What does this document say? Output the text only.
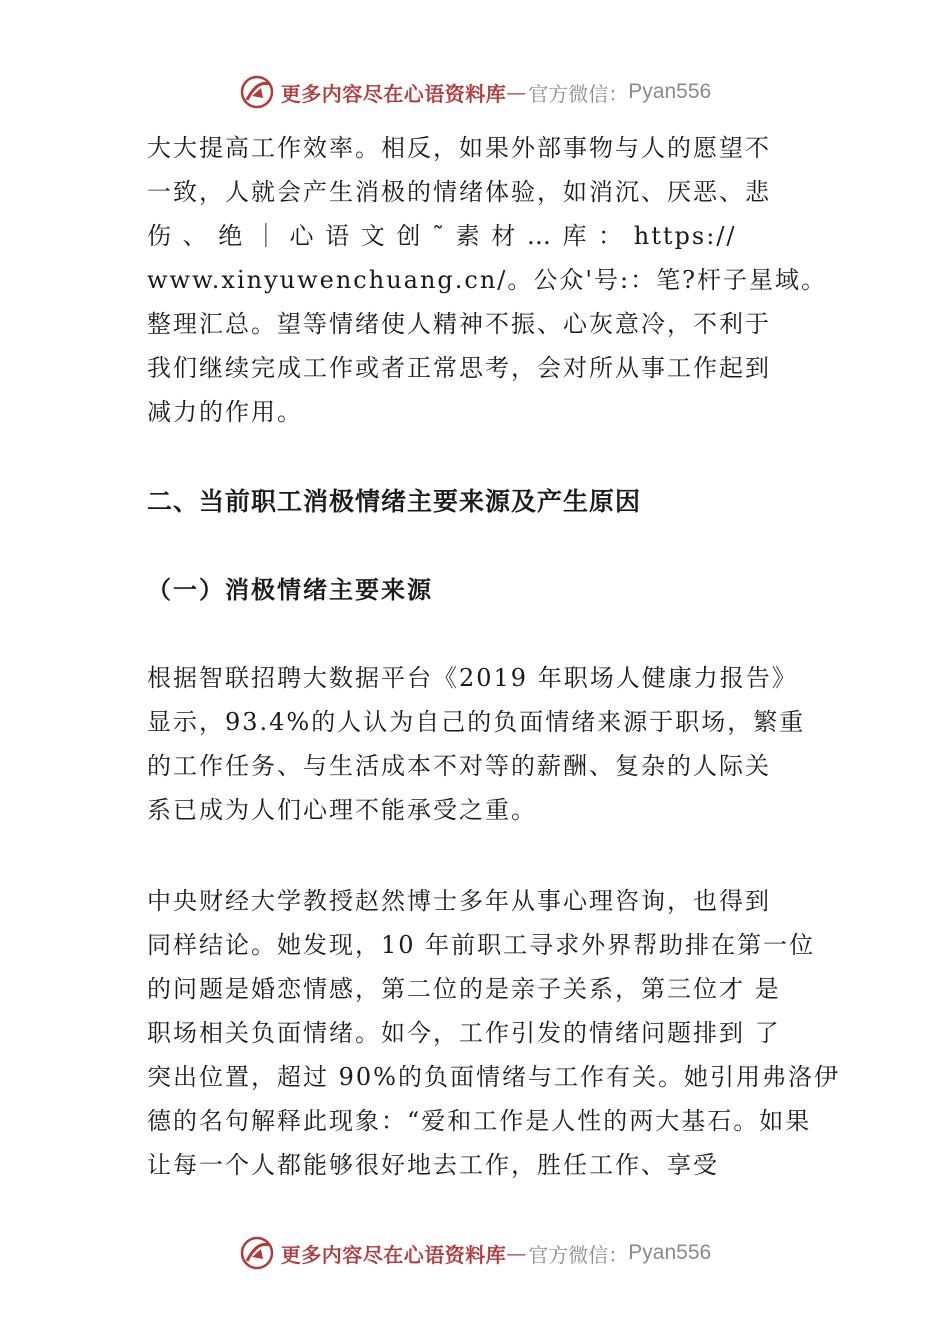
更多内容尽在心语资料库 — 官方微信： Pyan556
大大提高工作效率。相反，如果外部事物与人的愿望不
一致，人就会产生消极的情绪体验，如消沉、厌恶、悲
伤 、 绝 ｜ 心 语 文 创 ˜ 素 材 … 库 ： https://
www.xinyuwenchuang.cn/。公众'号:：笔?杆子星域。
整理汇总。望等情绪使人精神不振、心灰意冷，不利于
我们继续完成工作或者正常思考，会对所从事工作起到
减力的作用。
二、当前职工消极情绪主要来源及产生原因
（一）消极情绪主要来源
根据智联招聘大数据平台《2019 年职场人健康力报告》
显示，93.4%的人认为自己的负面情绪来源于职场，繁重
的工作任务、与生活成本不对等的薪酬、复杂的人际关
系已成为人们心理不能承受之重。
中央财经大学教授赵然博士多年从事心理咨询，也得到
同样结论。她发现，10 年前职工寻求外界帮助排在第一位
的问题是婚恋情感，第二位的是亲子关系，第三位才 是
职场相关负面情绪。如今，工作引发的情绪问题排到 了
突出位置，超过 90%的负面情绪与工作有关。她引用弗洛伊
德的名句解释此现象：“爱和工作是人性的两大基石。如果
让每一个人都能够很好地去工作，胜任工作、享受
更多内容尽在心语资料库 — 官方微信： Pyan556
